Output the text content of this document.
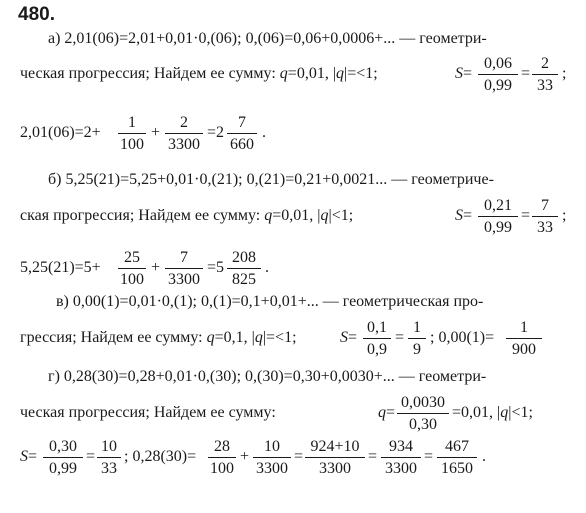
480.
а) 2,01(06)=2,01+0,01·0,(06); 0,(06)=0,06+0,0006+... — геометри-
ческая прогрессия; Найдем ее сумму: q=0,01, |q|=<1;	$S= \frac{0,06}{0,99} = \frac{2}{33}$ ;
$2,01(06)=2+ \frac{1}{100} + \frac{2}{3300} =2 \frac{7}{660}$ .
б) 5,25(21)=5,25+0,01·0,(21); 0,(21)=0,21+0,0021... — геометриче-
ская прогрессия; Найдем ее сумму: q=0,01, |q|<1;	$S= \frac{0,21}{0,99} = \frac{7}{33}$ ;
$5,25(21)=5+ \frac{25}{100} + \frac{7}{3300} =5 \frac{208}{825}$ .
в) 0,00(1)=0,01·0,(1); 0,(1)=0,1+0,01+... — геометрическая про-
грессия; Найдем ее сумму: q=0,1, |q|=<1;	$S= \frac{0,1}{0,9} = \frac{1}{9}$ ; $0,00(1)= \frac{1}{900}$
г) 0,28(30)=0,28+0,01·0,(30); 0,(30)=0,30+0,0030+... — геометри-
ческая прогрессия; Найдем ее сумму:	$q= \frac{0,0030}{0,30} =0,01$, |q|<1;
$S= \frac{0,30}{0,99} = \frac{10}{33}$ ; $0,28(30)= \frac{28}{100} + \frac{10}{3300} = \frac{924+10}{3300} = \frac{934}{3300} = \frac{467}{1650}$ .
